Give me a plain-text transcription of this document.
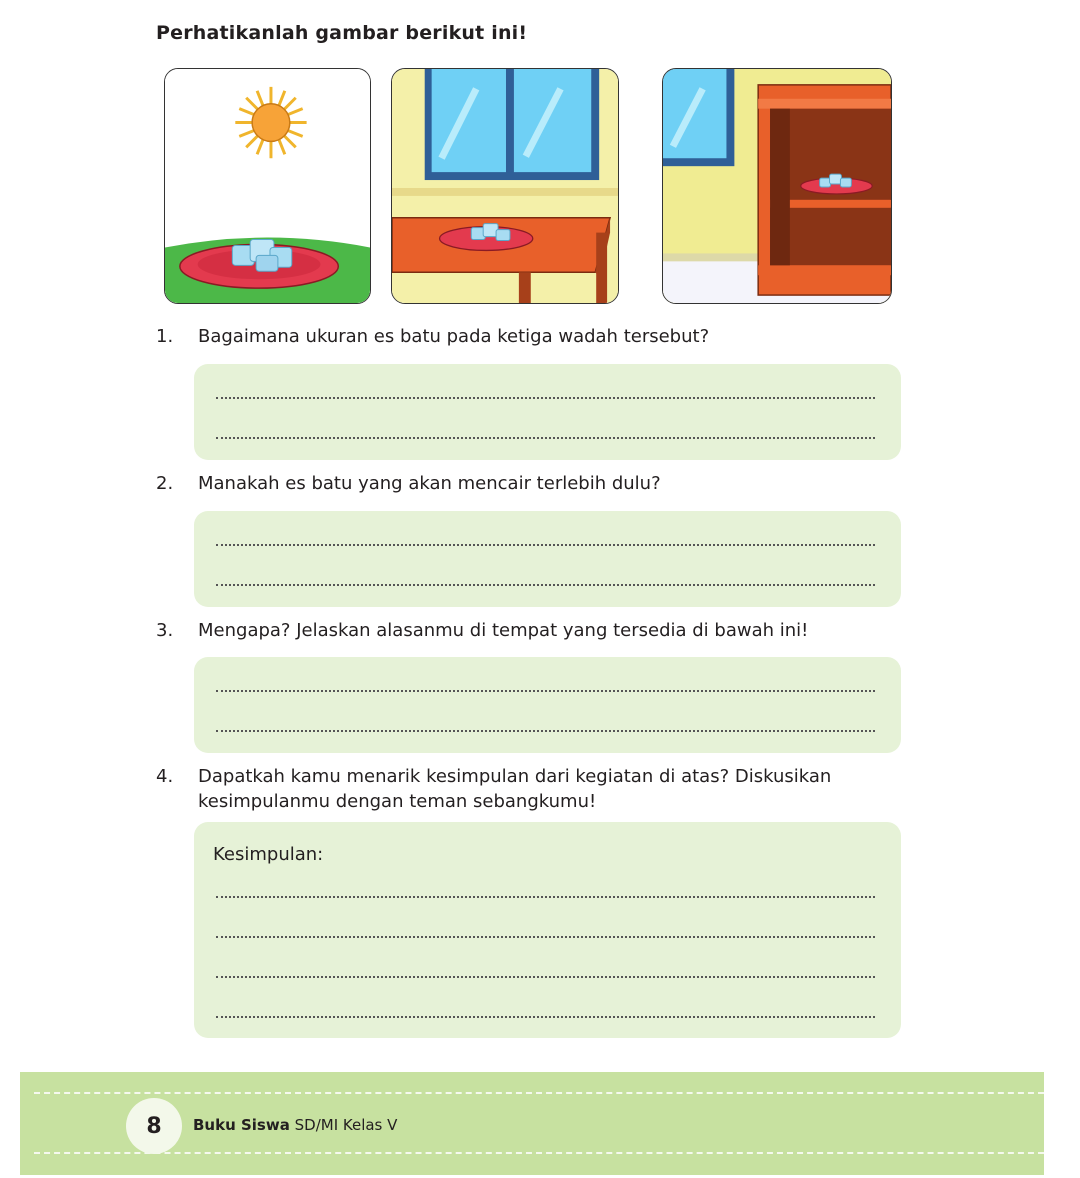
Perhatikanlah gambar berikut ini!
1.	Bagaimana ukuran es batu pada ketiga wadah tersebut?
2.	Manakah es batu yang akan mencair terlebih dulu?
3.	Mengapa? Jelaskan alasanmu di tempat yang tersedia di bawah ini!
4.	Dapatkah kamu menarik kesimpulan dari kegiatan di atas? Diskusikan
kesimpulanmu dengan teman sebangkumu!
Kesimpulan:
8 Buku Siswa SD/MI Kelas V
